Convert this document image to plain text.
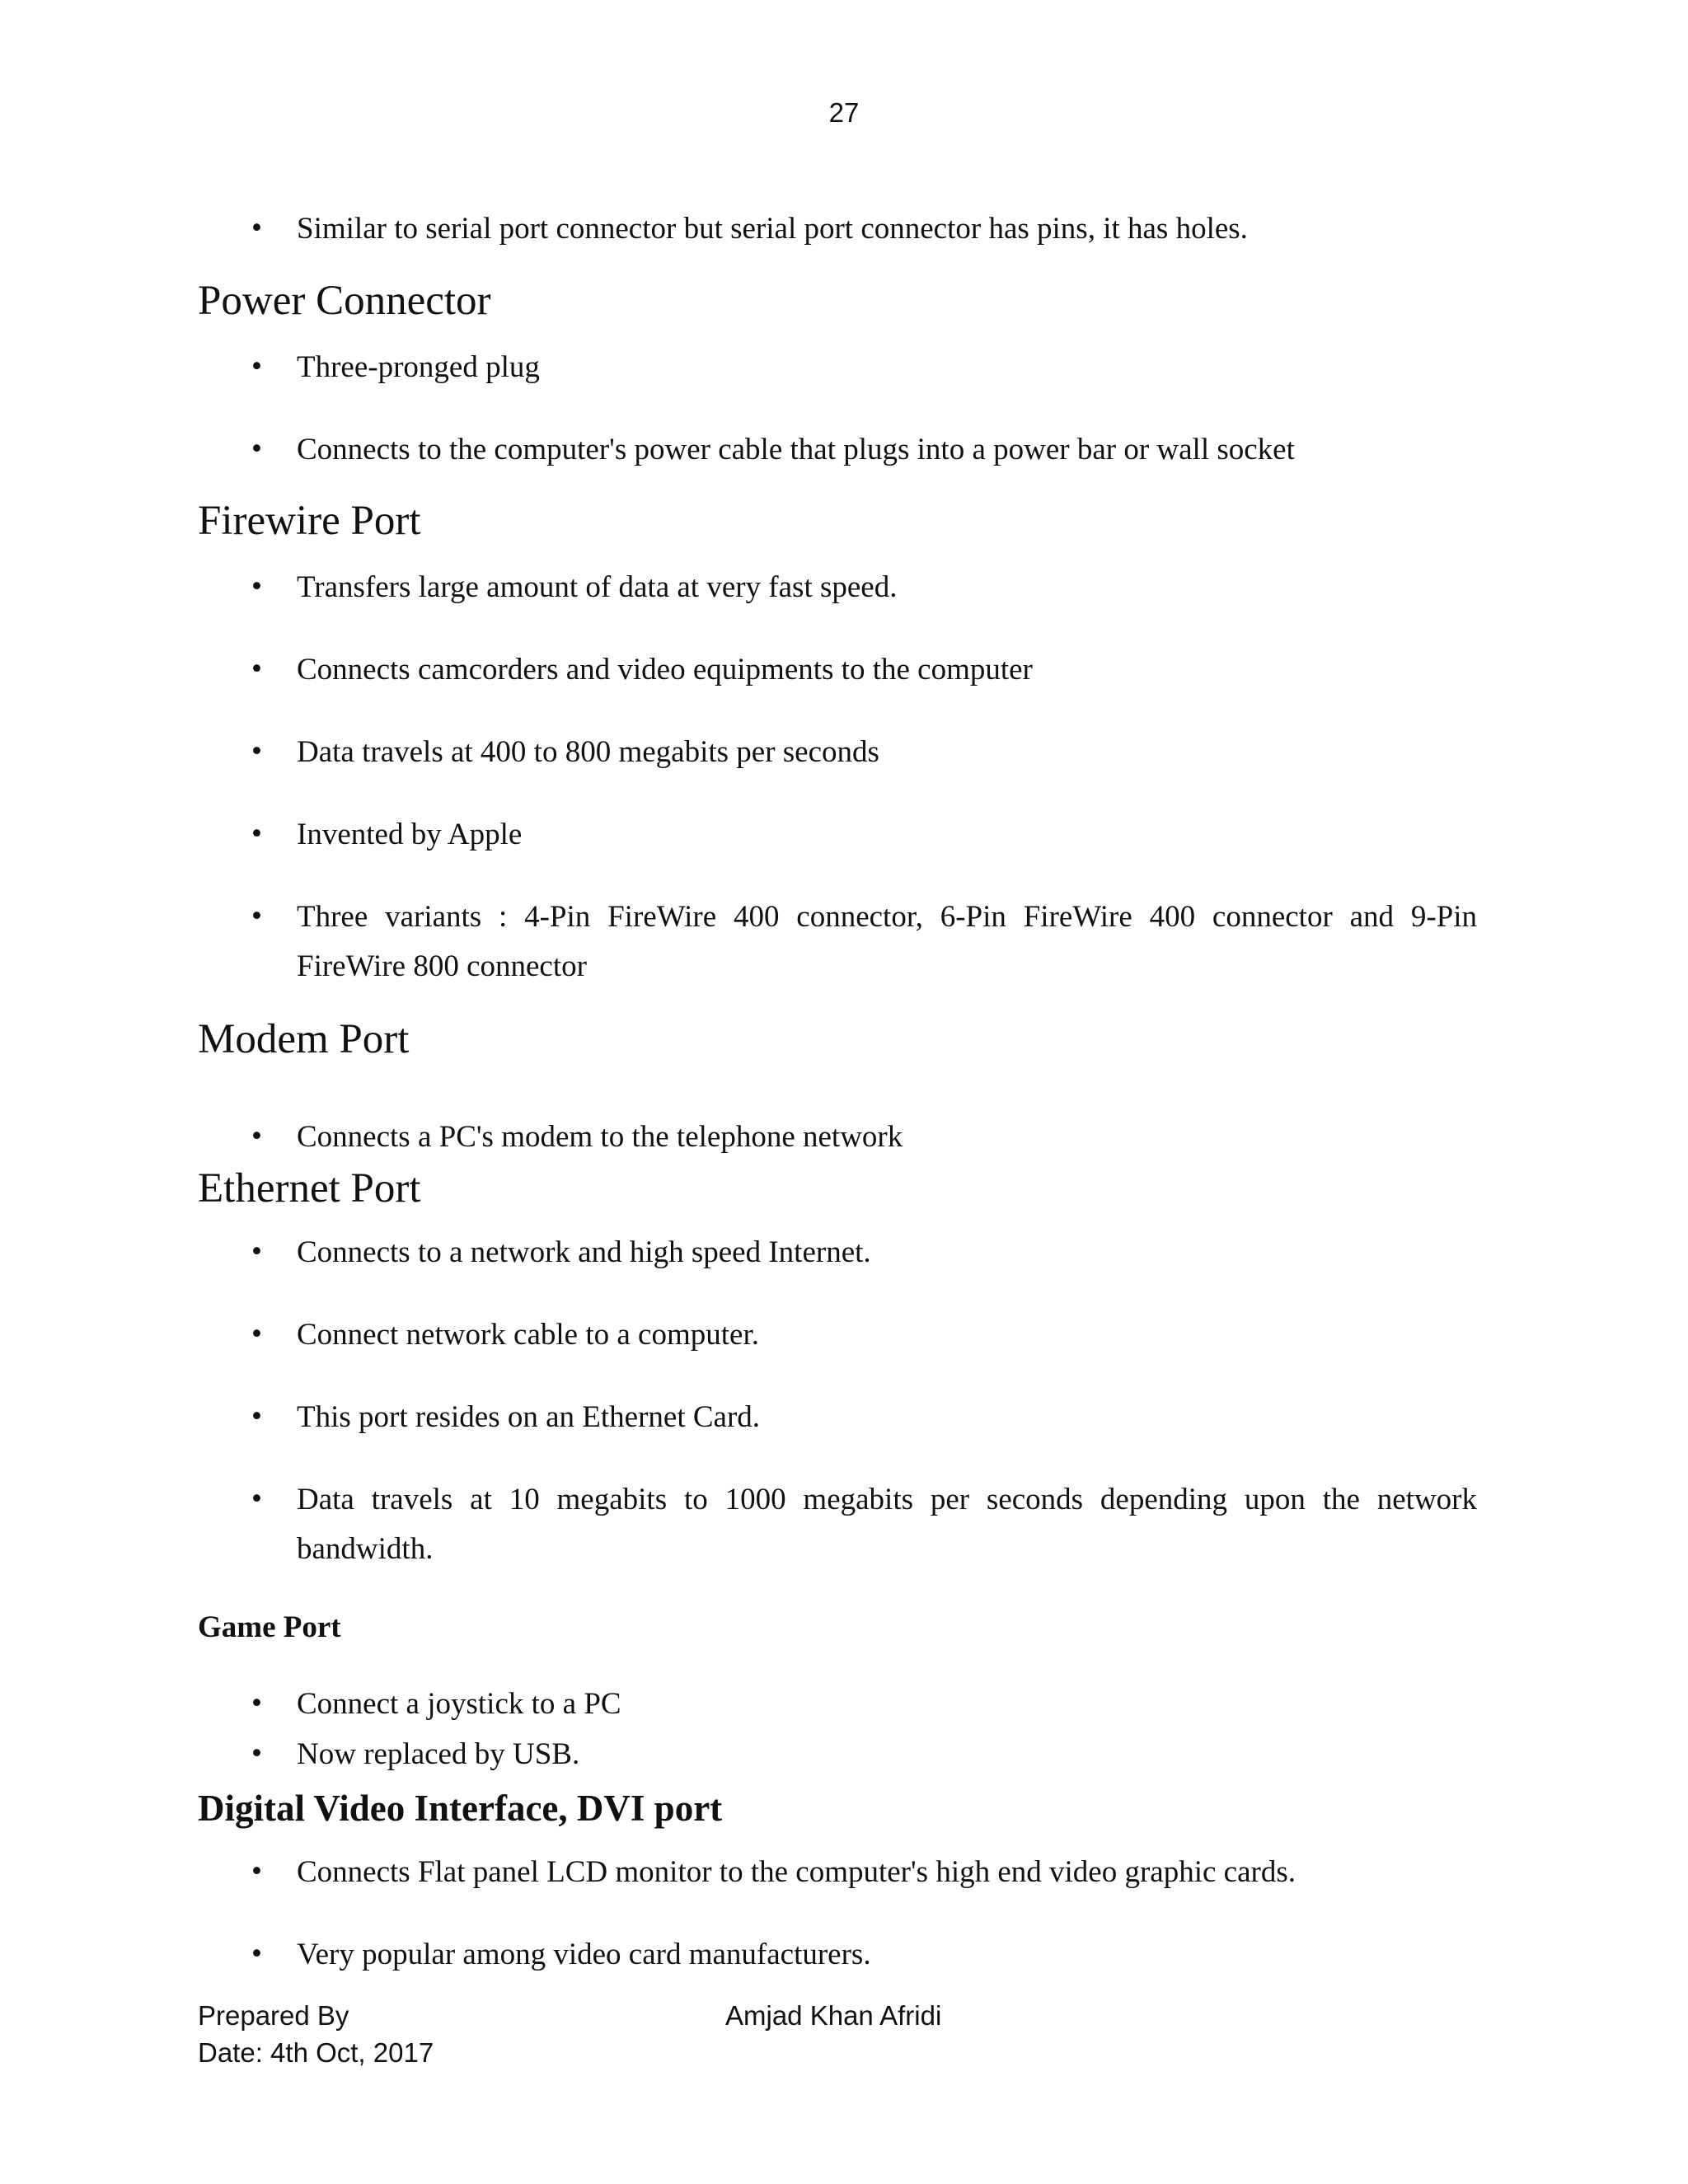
27
• Similar to serial port connector but serial port connector has pins, it has holes.
Power Connector
• Three-pronged plug
• Connects to the computer's power cable that plugs into a power bar or wall socket
Firewire Port
• Transfers large amount of data at very fast speed.
• Connects camcorders and video equipments to the computer
• Data travels at 400 to 800 megabits per seconds
• Invented by Apple
• Three variants : 4-Pin FireWire 400 connector, 6-Pin FireWire 400 connector and 9-Pin FireWire 800 connector
Modem Port
• Connects a PC's modem to the telephone network
Ethernet Port
• Connects to a network and high speed Internet.
• Connect network cable to a computer.
• This port resides on an Ethernet Card.
• Data travels at 10 megabits to 1000 megabits per seconds depending upon the network bandwidth.
Game Port
• Connect a joystick to a PC
• Now replaced by USB.
Digital Video Interface, DVI port
• Connects Flat panel LCD monitor to the computer's high end video graphic cards.
• Very popular among video card manufacturers.
Prepared By	Amjad Khan Afridi
Date: 4th Oct, 2017
